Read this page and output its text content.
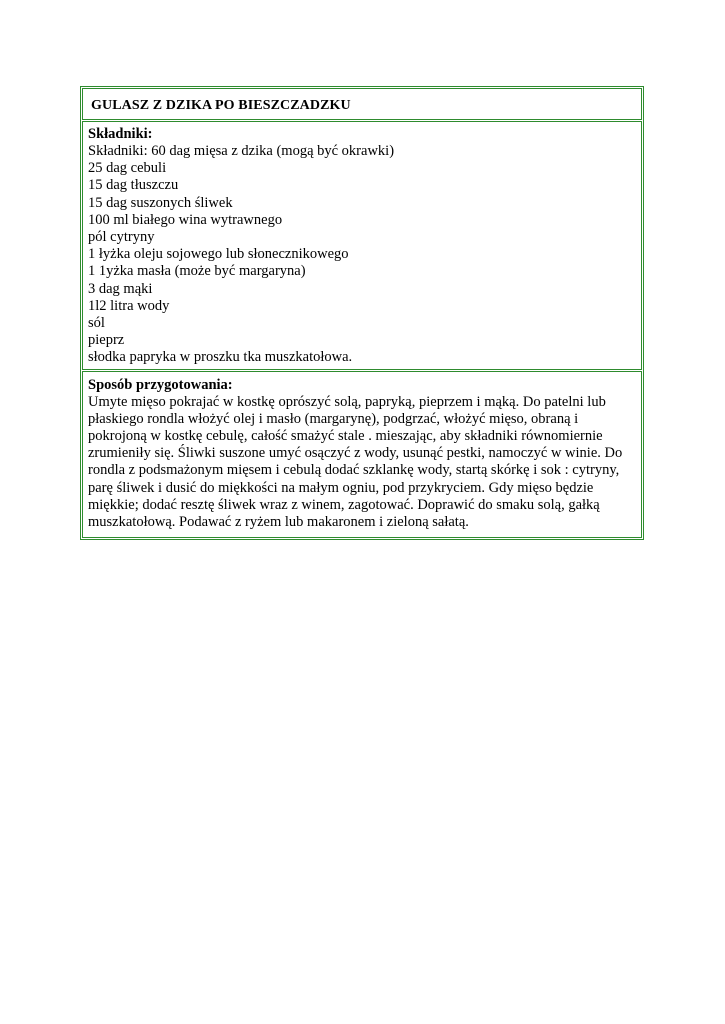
GULASZ Z DZIKA PO BIESZCZADZKU
Składniki:
Składniki: 60 dag mięsa z dzika (mogą być okrawki)
25 dag cebuli
15 dag tłuszczu
15 dag suszonych śliwek
100 ml białego wina wytrawnego
pól cytryny
1 łyżka oleju sojowego lub słonecznikowego
1 1yżka masła (może być margaryna)
3 dag mąki
1l2 litra wody
sól
pieprz
słodka papryka w proszku tka muszkatołowa.
Sposób przygotowania:

Umyte mięso pokrajać w kostkę oprószyć solą, papryką, pieprzem i mąką. Do patelni lub płaskiego rondla włożyć olej i masło (margarynę), podgrzać, włożyć mięso, obraną i pokrojoną w kostkę cebulę, całość smażyć stale . mieszając, aby składniki równomiernie zrumieniły się. Śliwki suszone umyć osączyć z wody, usunąć pestki, namoczyć w winie. Do rondla z podsmażonym mięsem i cebulą dodać szklankę wody, startą skórkę i sok : cytryny, parę śliwek i dusić do miękkości na małym ogniu, pod przykryciem. Gdy mięso będzie miękkie; dodać resztę śliwek wraz z winem, zagotować. Doprawić do smaku solą, gałką muszkatołową. Podawać z ryżem lub makaronem i zieloną sałatą.
